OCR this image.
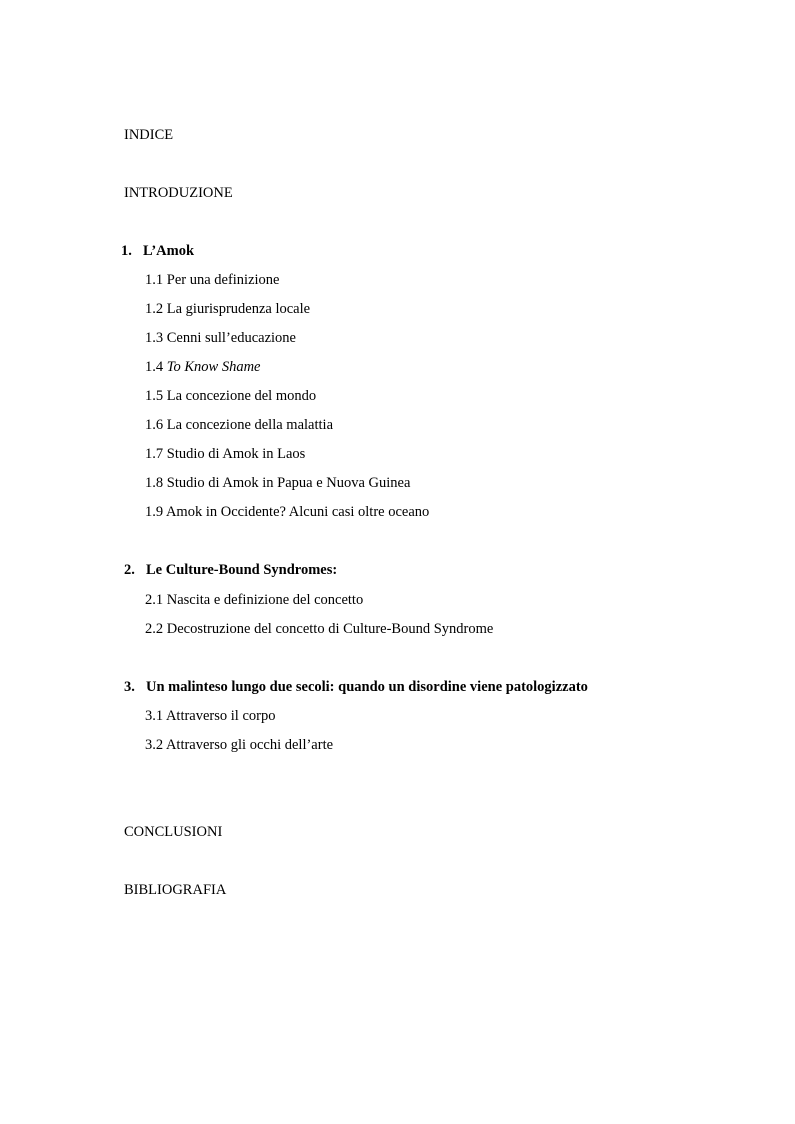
INDICE
INTRODUZIONE
1. L’Amok
1.1 Per una definizione
1.2 La giurisprudenza locale
1.3 Cenni sull’educazione
1.4 To Know Shame
1.5 La concezione del mondo
1.6 La concezione della malattia
1.7 Studio di Amok in Laos
1.8 Studio di Amok in Papua e Nuova Guinea
1.9 Amok in Occidente? Alcuni casi oltre oceano
2. Le Culture-Bound Syndromes:
2.1 Nascita e definizione del concetto
2.2 Decostruzione del concetto di Culture-Bound Syndrome
3. Un malinteso lungo due secoli: quando un disordine viene patologizzato
3.1 Attraverso il corpo
3.2 Attraverso gli occhi dell’arte
CONCLUSIONI
BIBLIOGRAFIA
